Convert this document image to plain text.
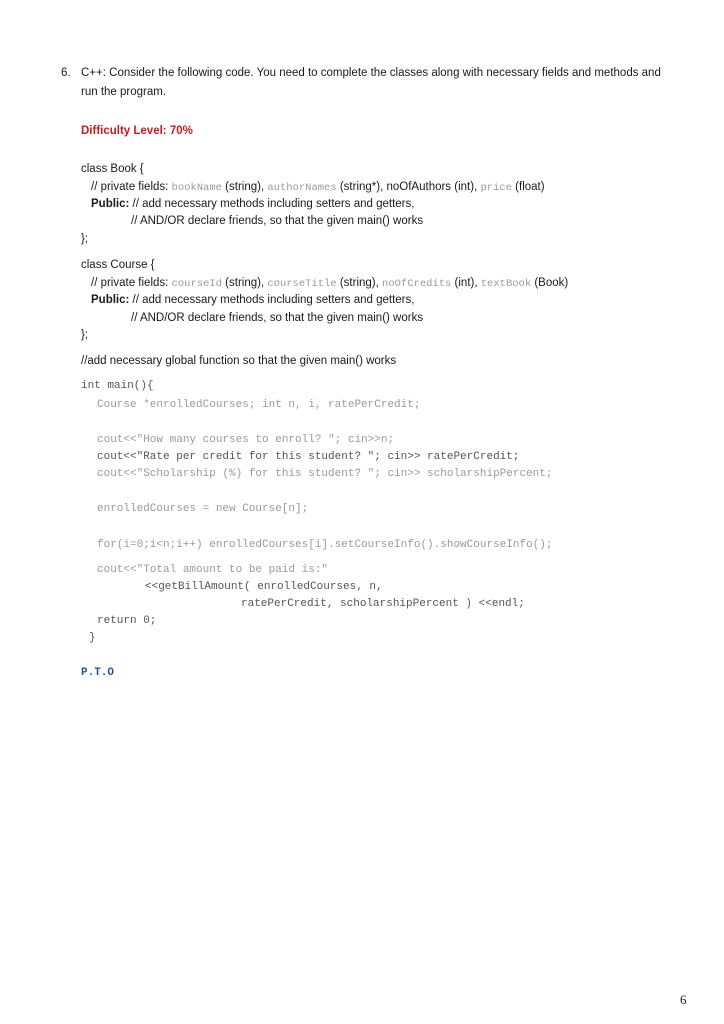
6. C++: Consider the following code. You need to complete the classes along with necessary fields and methods and
run the program.
Difficulty Level: 70%
class Book {
// private fields: bookName (string), authorNames (string*), noOfAuthors (int), price (float)
Public: // add necessary methods including setters and getters,
// AND/OR declare friends, so that the given main() works
};
class Course {
// private fields: courseId (string), courseTitle (string), noOfCredits (int), textBook (Book)
Public: // add necessary methods including setters and getters,
// AND/OR declare friends, so that the given main() works
};
//add necessary global function so that the given main() works
int main(){
Course *enrolledCourses; int n, i, ratePerCredit;
cout<<"How many courses to enroll? "; cin>>n;
cout<<"Rate per credit for this student? "; cin>> ratePerCredit;
cout<<"Scholarship (%) for this student? "; cin>> scholarshipPercent;
enrolledCourses = new Course[n];
for(i=0;i<n;i++) enrolledCourses[i].setCourseInfo().showCourseInfo();
cout<<"Total amount to be paid is:"
<<getBillAmount( enrolledCourses, n,
ratePerCredit, scholarshipPercent ) <<endl;
return 0;
}
P.T.O
6
